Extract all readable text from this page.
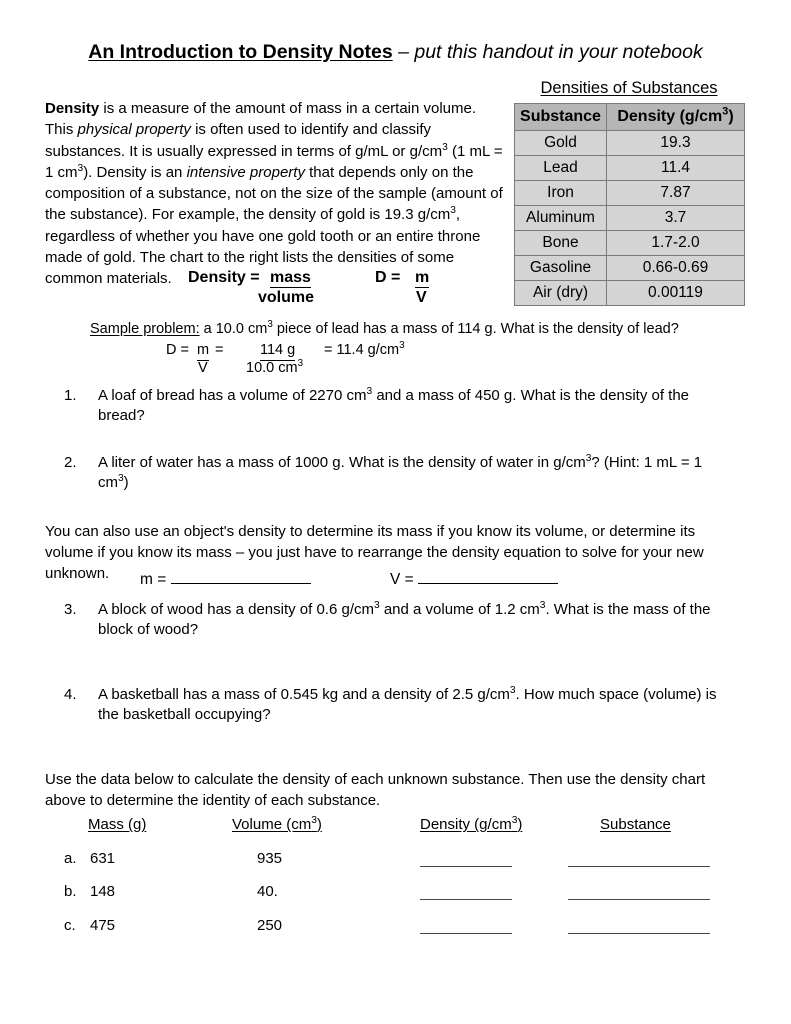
An Introduction to Density Notes – put this handout in your notebook
Density is a measure of the amount of mass in a certain volume. This physical property is often used to identify and classify substances. It is usually expressed in terms of g/mL or $g/cm^3$ (1 mL = 1 $cm^3$). Density is an intensive property that depends only on the composition of a substance, not on the size of the sample (amount of the substance). For example, the density of gold is 19.3 $g/cm^3$, regardless of whether you have one gold tooth or an entire throne made of gold. The chart to the right lists the densities of some common materials.
Densities of Substances
Substance	Density $(g/cm^3)$
Gold	19.3
Lead	11.4
Iron	7.87
Aluminum	3.7
Bone	1.7-2.0
Gasoline	0.66-0.69
Air (dry)	0.00119
Density = mass
volume
D = m
V
Sample problem: a 10.0 $cm^3$ piece of lead has a mass of 114 g. What is the density of lead?
D = m
V
=	114 g
10.0 $cm^3$
= 11.4 $g/cm^3$
1.	A loaf of bread has a volume of 2270 $cm^3$ and a mass of 450 g. What is the density of the bread?
2.	A liter of water has a mass of 1000 g. What is the density of water in $g/cm^3$? (Hint: 1 mL = 1 $cm^3$)
You can also use an object's density to determine its mass if you know its volume, or determine its volume if you know its mass – you just have to rearrange the density equation to solve for your new unknown.	m =	V =
3.	A block of wood has a density of 0.6 $g/cm^3$ and a volume of 1.2 $cm^3$. What is the mass of the block of wood?
4.	A basketball has a mass of 0.545 kg and a density of 2.5 $g/cm^3$. How much space (volume) is the basketball occupying?
Use the data below to calculate the density of each unknown substance. Then use the density chart above to determine the identity of each substance.
Mass (g)	Volume $(cm^3)$	Density $(g/cm^3)$	Substance
a. 631	935
b. 148	40.
c. 475	250
